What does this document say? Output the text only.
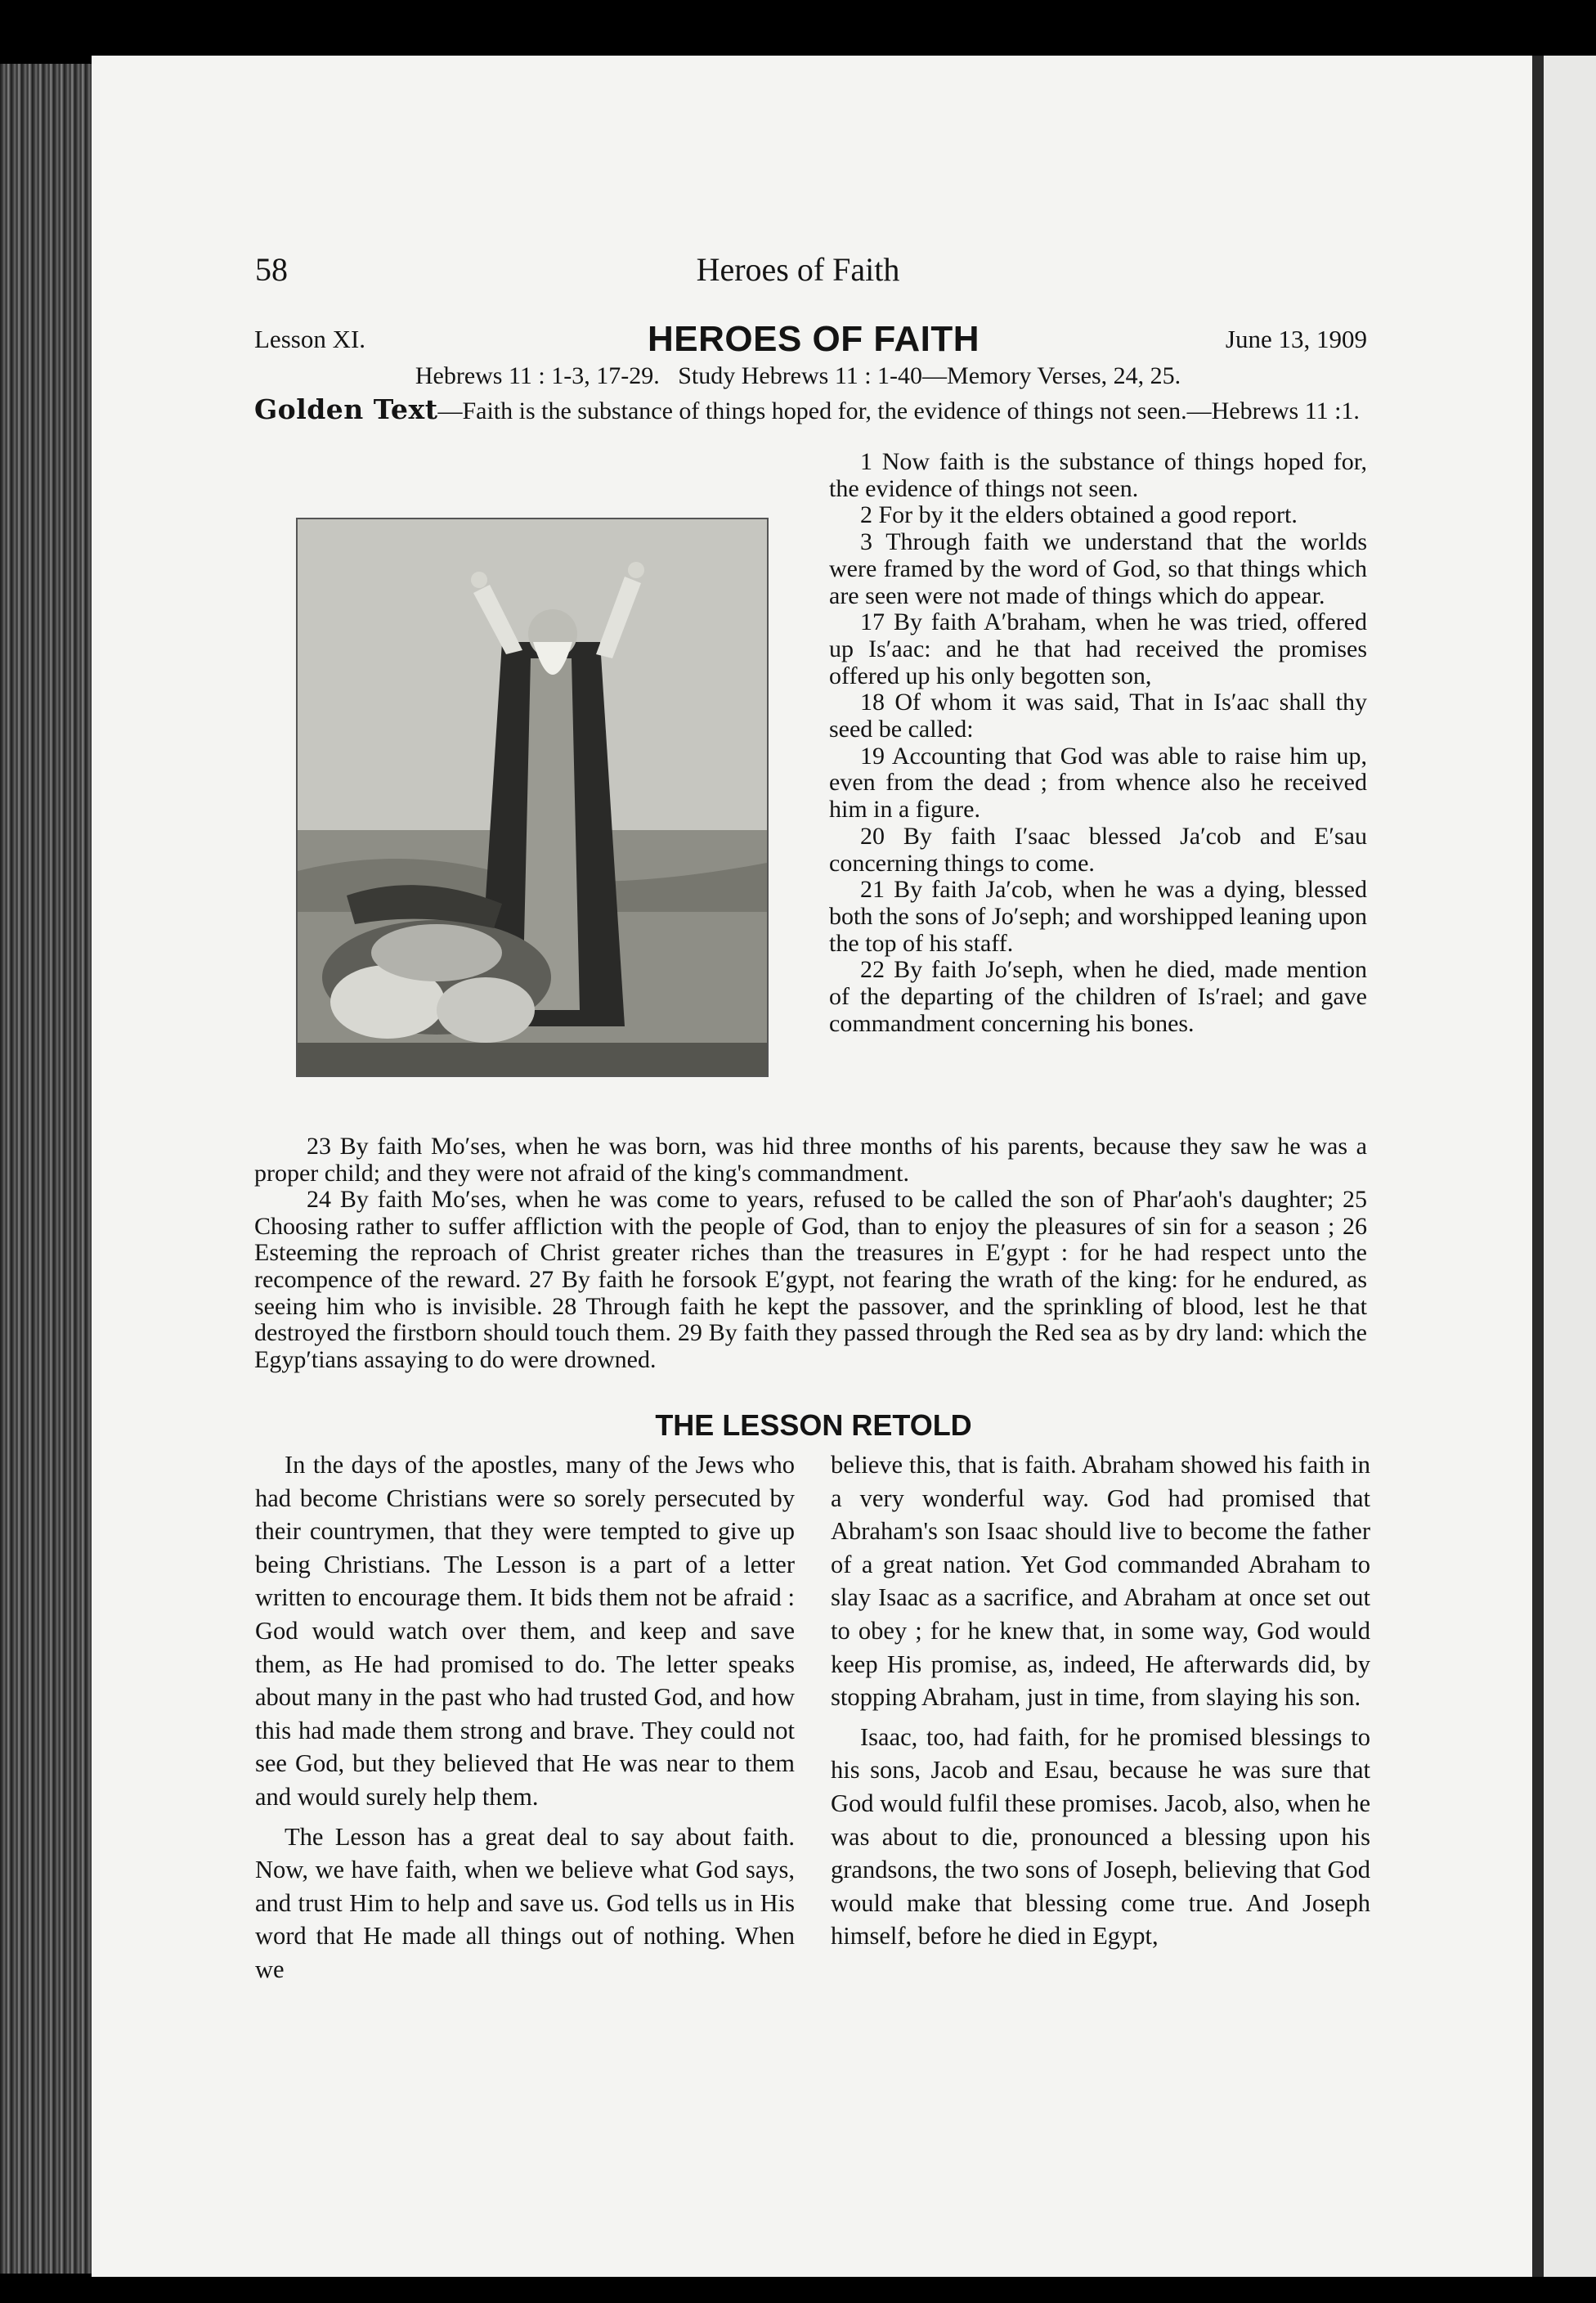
58	Heroes of Faith
Lesson XI.	HEROES OF FAITH	June 13, 1909
Hebrews 11 : 1-3, 17-29.   Study Hebrews 11 : 1-40—Memory Verses, 24, 25.
Golden Text—Faith is the substance of things hoped for, the evidence of things not seen.—Hebrews 11 :1.

1 Now faith is the substance of things hoped for, the evidence of things not seen.

2 For by it the elders obtained a good report.

3 Through faith we understand that the worlds were framed by the word of God, so that things which are seen were not made of things which do appear.

17 By faith A′braham, when he was tried, offered up Is′aac: and he that had received the promises offered up his only begotten son,

18 Of whom it was said, That in Is′aac shall thy seed be called:

19 Accounting that God was able to raise him up, even from the dead ; from whence also he received him in a figure.

20 By faith I′saac blessed Ja′cob and E′sau concerning things to come.

21 By faith Ja′cob, when he was a dying, blessed both the sons of Jo′seph; and worshipped leaning upon the top of his staff.

22 By faith Jo′seph, when he died, made mention of the departing of the children of Is′rael; and gave commandment concerning his bones.

23 By faith Mo′ses, when he was born, was hid three months of his parents, because they saw he was a proper child; and they were not afraid of the king's commandment.

24 By faith Mo′ses, when he was come to years, refused to be called the son of Phar′aoh's daughter; 25 Choosing rather to suffer affliction with the people of God, than to enjoy the pleasures of sin for a season ; 26 Esteeming the reproach of Christ greater riches than the treasures in E′gypt : for he had respect unto the recompence of the reward. 27 By faith he forsook E′gypt, not fearing the wrath of the king: for he endured, as seeing him who is invisible. 28 Through faith he kept the passover, and the sprinkling of blood, lest he that destroyed the firstborn should touch them. 29 By faith they passed through the Red sea as by dry land: which the Egyp′tians assaying to do were drowned.

THE LESSON RETOLD

In the days of the apostles, many of the Jews who had become Christians were so sorely persecuted by their countrymen, that they were tempted to give up being Christians. The Lesson is a part of a letter written to encourage them. It bids them not be afraid : God would watch over them, and keep and save them, as He had promised to do. The letter speaks about many in the past who had trusted God, and how this had made them strong and brave. They could not see God, but they believed that He was near to them and would surely help them.

The Lesson has a great deal to say about faith. Now, we have faith, when we believe what God says, and trust Him to help and save us. God tells us in His word that He made all things out of nothing. When we

believe this, that is faith. Abraham showed his faith in a very wonderful way. God had promised that Abraham's son Isaac should live to become the father of a great nation. Yet God commanded Abraham to slay Isaac as a sacrifice, and Abraham at once set out to obey ; for he knew that, in some way, God would keep His promise, as, indeed, He afterwards did, by stopping Abraham, just in time, from slaying his son.

Isaac, too, had faith, for he promised blessings to his sons, Jacob and Esau, because he was sure that God would fulfil these promises. Jacob, also, when he was about to die, pronounced a blessing upon his grandsons, the two sons of Joseph, believing that God would make that blessing come true. And Joseph himself, before he died in Egypt,
